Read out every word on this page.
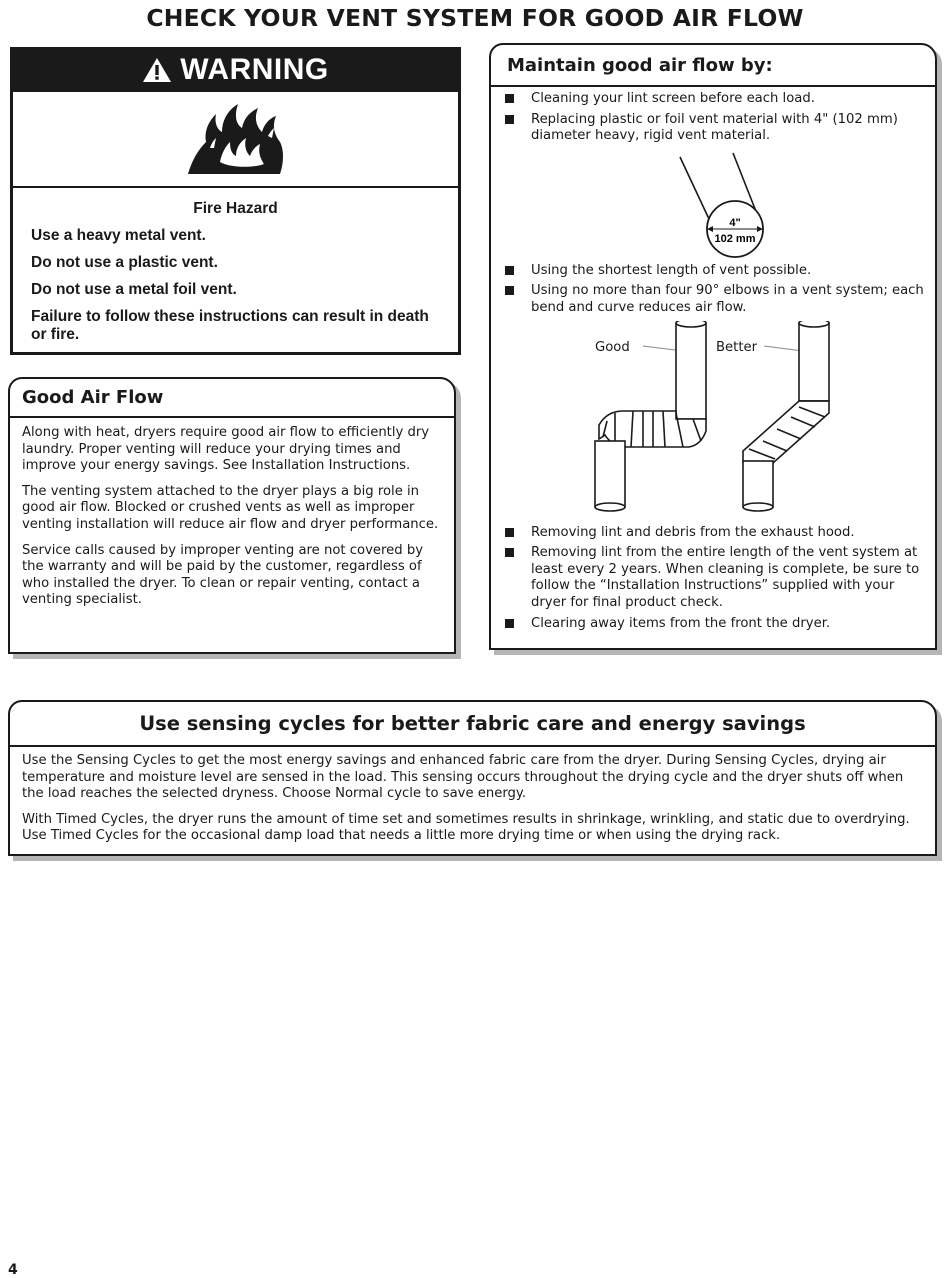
CHECK YOUR VENT SYSTEM FOR GOOD AIR FLOW
WARNING
Fire Hazard
Use a heavy metal vent.
Do not use a plastic vent.
Do not use a metal foil vent.
Failure to follow these instructions can result in death or fire.
Good Air Flow

Along with heat, dryers require good air flow to efficiently dry laundry. Proper venting will reduce your drying times and improve your energy savings. See Installation Instructions.

The venting system attached to the dryer plays a big role in good air flow. Blocked or crushed vents as well as improper venting installation will reduce air flow and dryer performance.

Service calls caused by improper venting are not covered by the warranty and will be paid by the customer, regardless of who installed the dryer. To clean or repair venting, contact a venting specialist.

Maintain good air flow by:
Cleaning your lint screen before each load.
Replacing plastic or foil vent material with 4" (102 mm) diameter heavy, rigid vent material.
4"
102 mm
Using the shortest length of vent possible.
Using no more than four 90° elbows in a vent system; each bend and curve reduces air flow.
Good	Better
Removing lint and debris from the exhaust hood.
Removing lint from the entire length of the vent system at least every 2 years. When cleaning is complete, be sure to follow the “Installation Instructions” supplied with your dryer for final product check.
Clearing away items from the front the dryer.
Use sensing cycles for better fabric care and energy savings

Use the Sensing Cycles to get the most energy savings and enhanced fabric care from the dryer. During Sensing Cycles, drying air temperature and moisture level are sensed in the load. This sensing occurs throughout the drying cycle and the dryer shuts off when the load reaches the selected dryness. Choose Normal cycle to save energy.

With Timed Cycles, the dryer runs the amount of time set and sometimes results in shrinkage, wrinkling, and static due to overdrying. Use Timed Cycles for the occasional damp load that needs a little more drying time or when using the drying rack.

4
